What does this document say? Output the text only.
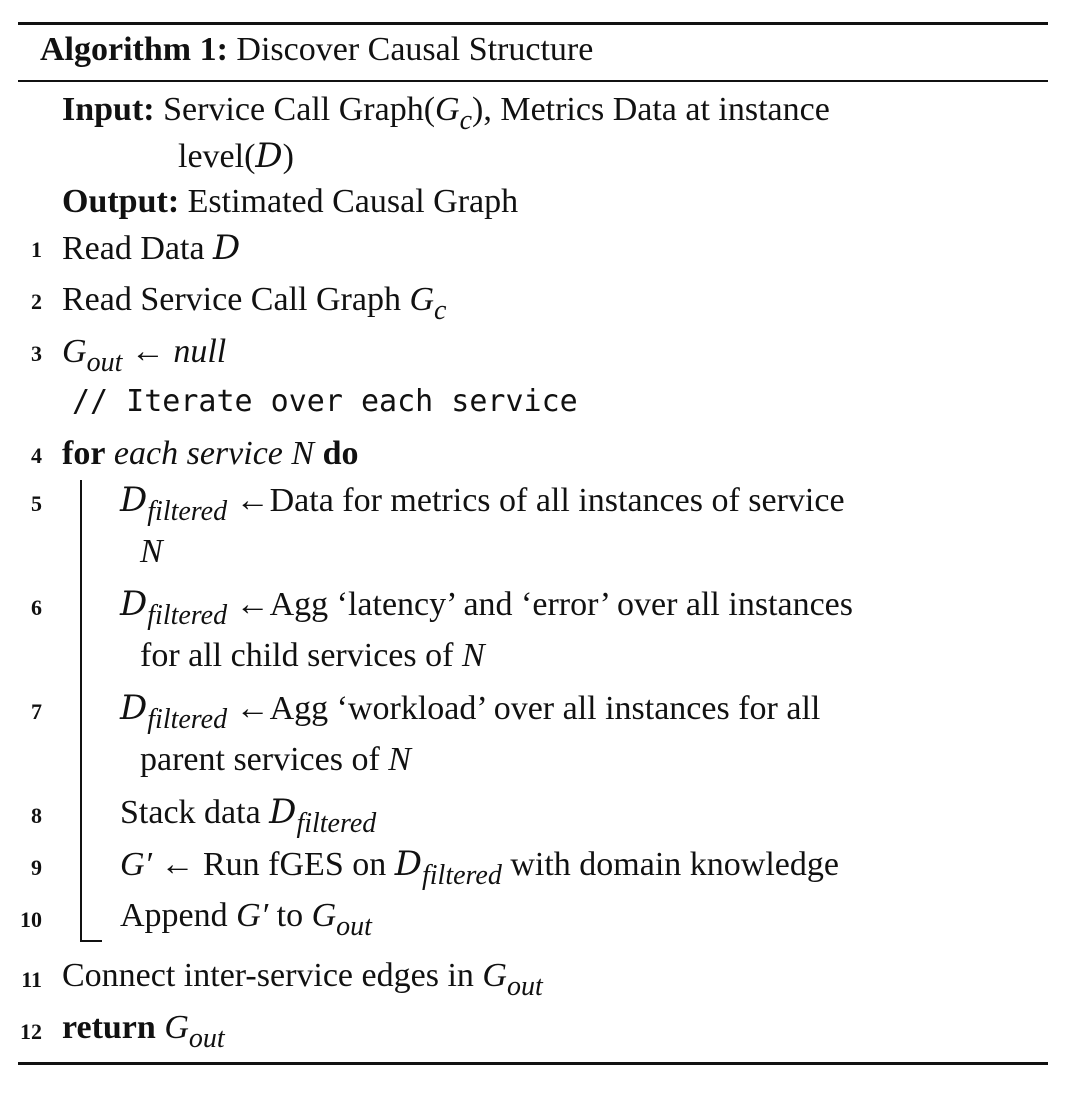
Algorithm 1: Discover Causal Structure
Input: Service Call $Graph(G_c)$, Metrics Data at instance
level(D)
Output: Estimated Causal Graph
1 Read Data D
2 Read Service Call Graph $G_c$
3 $G_{out}$ ← null
// Iterate over each service
4 for each service N do
5 $D_{filtered}$ ←Data for metrics of all instances of service
N
6 $D_{filtered}$ ←Agg ‘latency’ and ‘error’ over all instances
for all child services of N
7 $D_{filtered}$ ←Agg ‘workload’ over all instances for all
parent services of N
8 Stack data $D_{filtered}$
9 G′ ← Run fGES on $D_{filtered}$ with domain knowledge
10 Append G′ to $G_{out}$
11 Connect inter-service edges in $G_{out}$
12 return $G_{out}$
